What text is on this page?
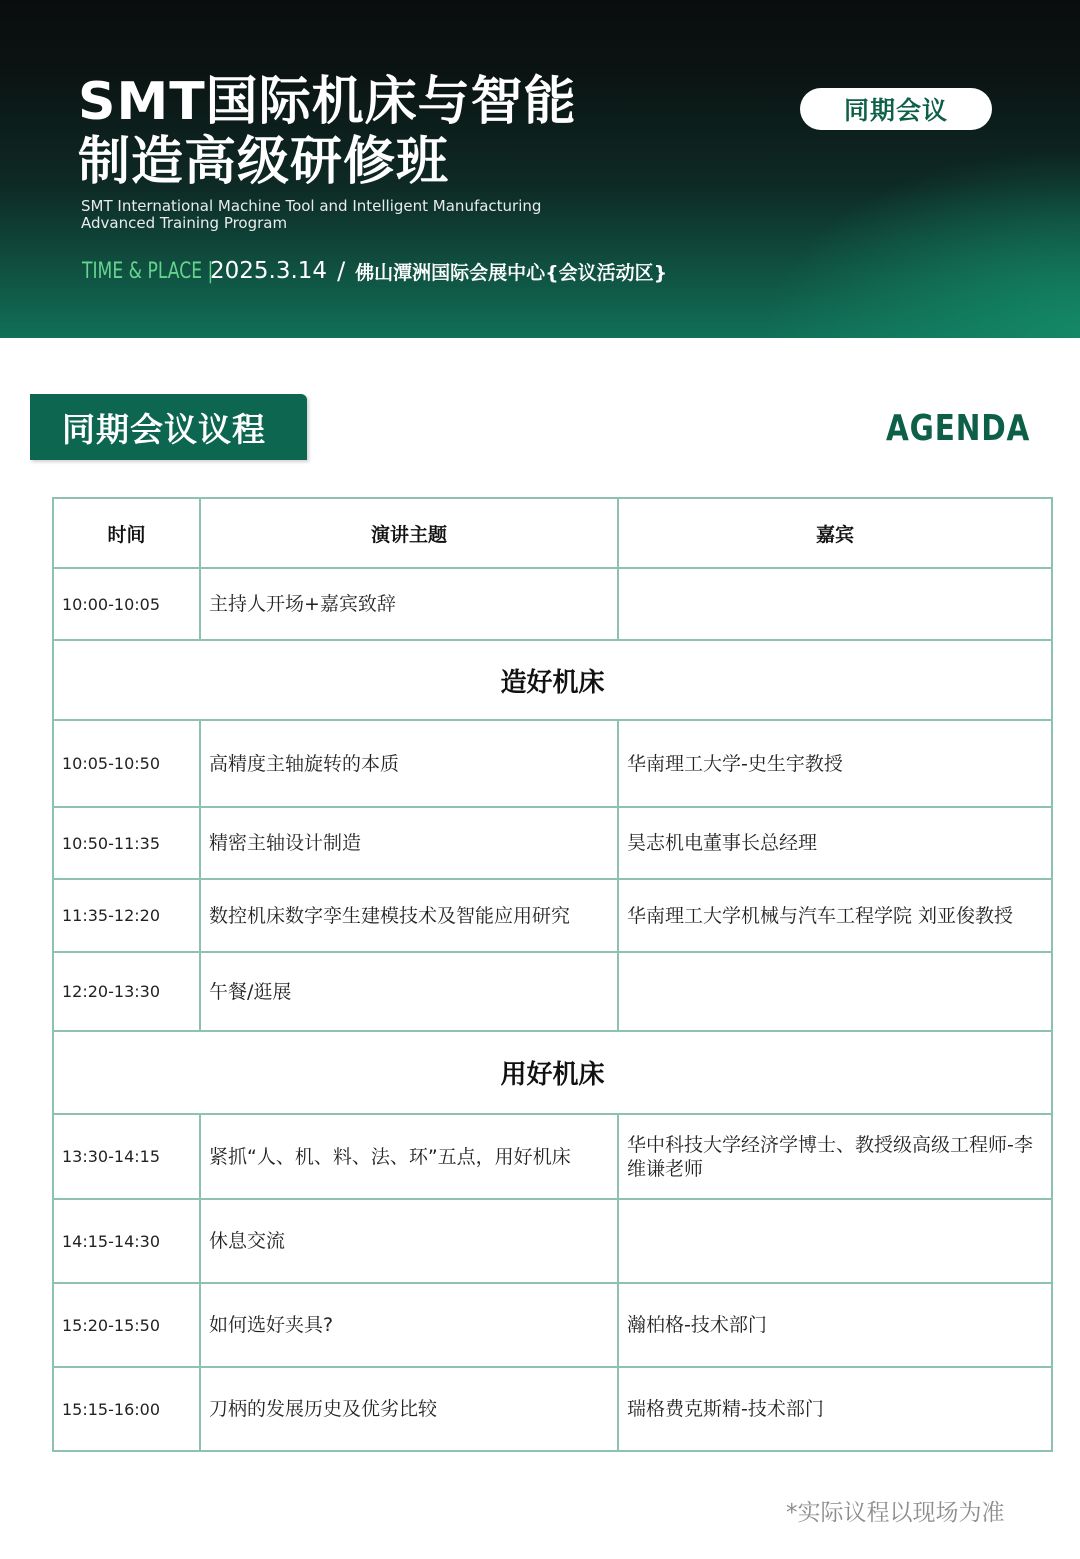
SMT国际机床与智能
制造高级研修班
SMT International Machine Tool and Intelligent Manufacturing
Advanced Training Program
TIME & PLACE |
2025.3.14 / 佛山潭洲国际会展中心{会议活动区}
同期会议
同期会议议程	AGENDA
时间	演讲主题	嘉宾
10:00-10:05	主持人开场+嘉宾致辞	
造好机床		
10:05-10:50	高精度主轴旋转的本质	华南理工大学-史生宇教授
10:50-11:35	精密主轴设计制造	昊志机电董事长总经理
11:35-12:20	数控机床数字孪生建模技术及智能应用研究	华南理工大学机械与汽车工程学院 刘亚俊教授
12:20-13:30	午餐/逛展	
用好机床		
13:30-14:15	紧抓“人、机、料、法、环”五点，用好机床	华中科技大学经济学博士、教授级高级工程师-李维谦老师
14:15-14:30	休息交流	
15:20-15:50	如何选好夹具?	瀚柏格-技术部门
15:15-16:00	刀柄的发展历史及优劣比较	瑞格费克斯精-技术部门
*实际议程以现场为准
